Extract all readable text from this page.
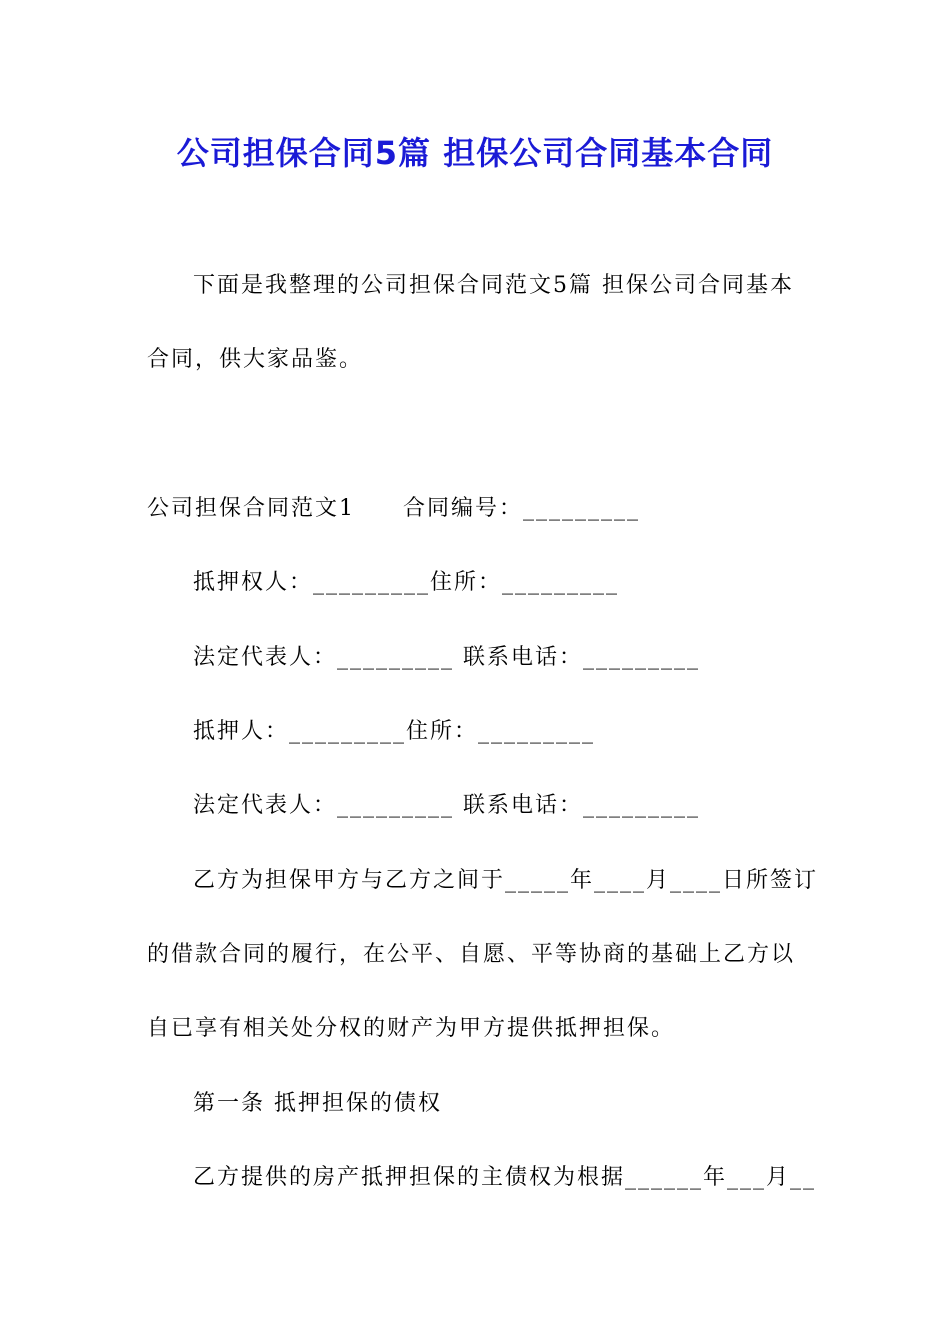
公司担保合同5篇 担保公司合同基本合同
下面是我整理的公司担保合同范文5篇 担保公司合同基本
合同，供大家品鉴。
公司担保合同范文1　　合同编号：_________
抵押权人：_________住所：_________
法定代表人：_________ 联系电话：_________
抵押人：_________住所：_________
法定代表人：_________ 联系电话：_________
乙方为担保甲方与乙方之间于_____年____月____日所签订
的借款合同的履行，在公平、自愿、平等协商的基础上乙方以
自已享有相关处分权的财产为甲方提供抵押担保。
第一条 抵押担保的债权
乙方提供的房产抵押担保的主债权为根据______年___月__
